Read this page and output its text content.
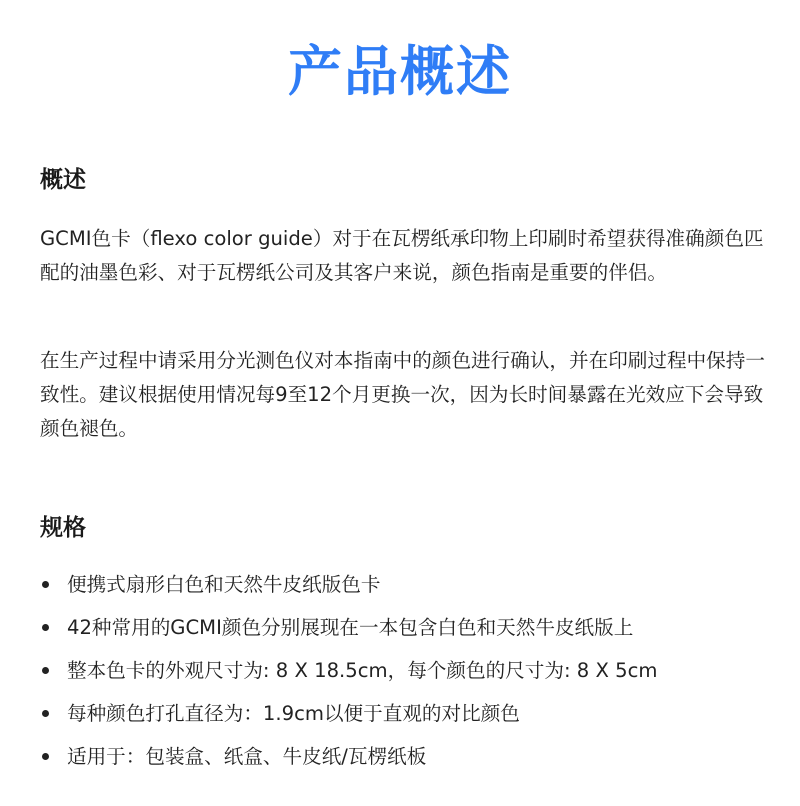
产品概述
概述

GCMI色卡（flexo color guide）对于在瓦楞纸承印物上印刷时希望获得准确颜色匹配的油墨色彩、对于瓦楞纸公司及其客户来说，颜色指南是重要的伴侣。

在生产过程中请采用分光测色仪对本指南中的颜色进行确认，并在印刷过程中保持一致性。建议根据使用情况每9至12个月更换一次，因为长时间暴露在光效应下会导致颜色褪色。

规格
便携式扇形白色和天然牛皮纸版色卡
42种常用的GCMI颜色分别展现在一本包含白色和天然牛皮纸版上
整本色卡的外观尺寸为: 8 X 18.5cm，每个颜色的尺寸为: 8 X 5cm
每种颜色打孔直径为：1.9cm以便于直观的对比颜色
适用于：包装盒、纸盒、牛皮纸/瓦楞纸板
